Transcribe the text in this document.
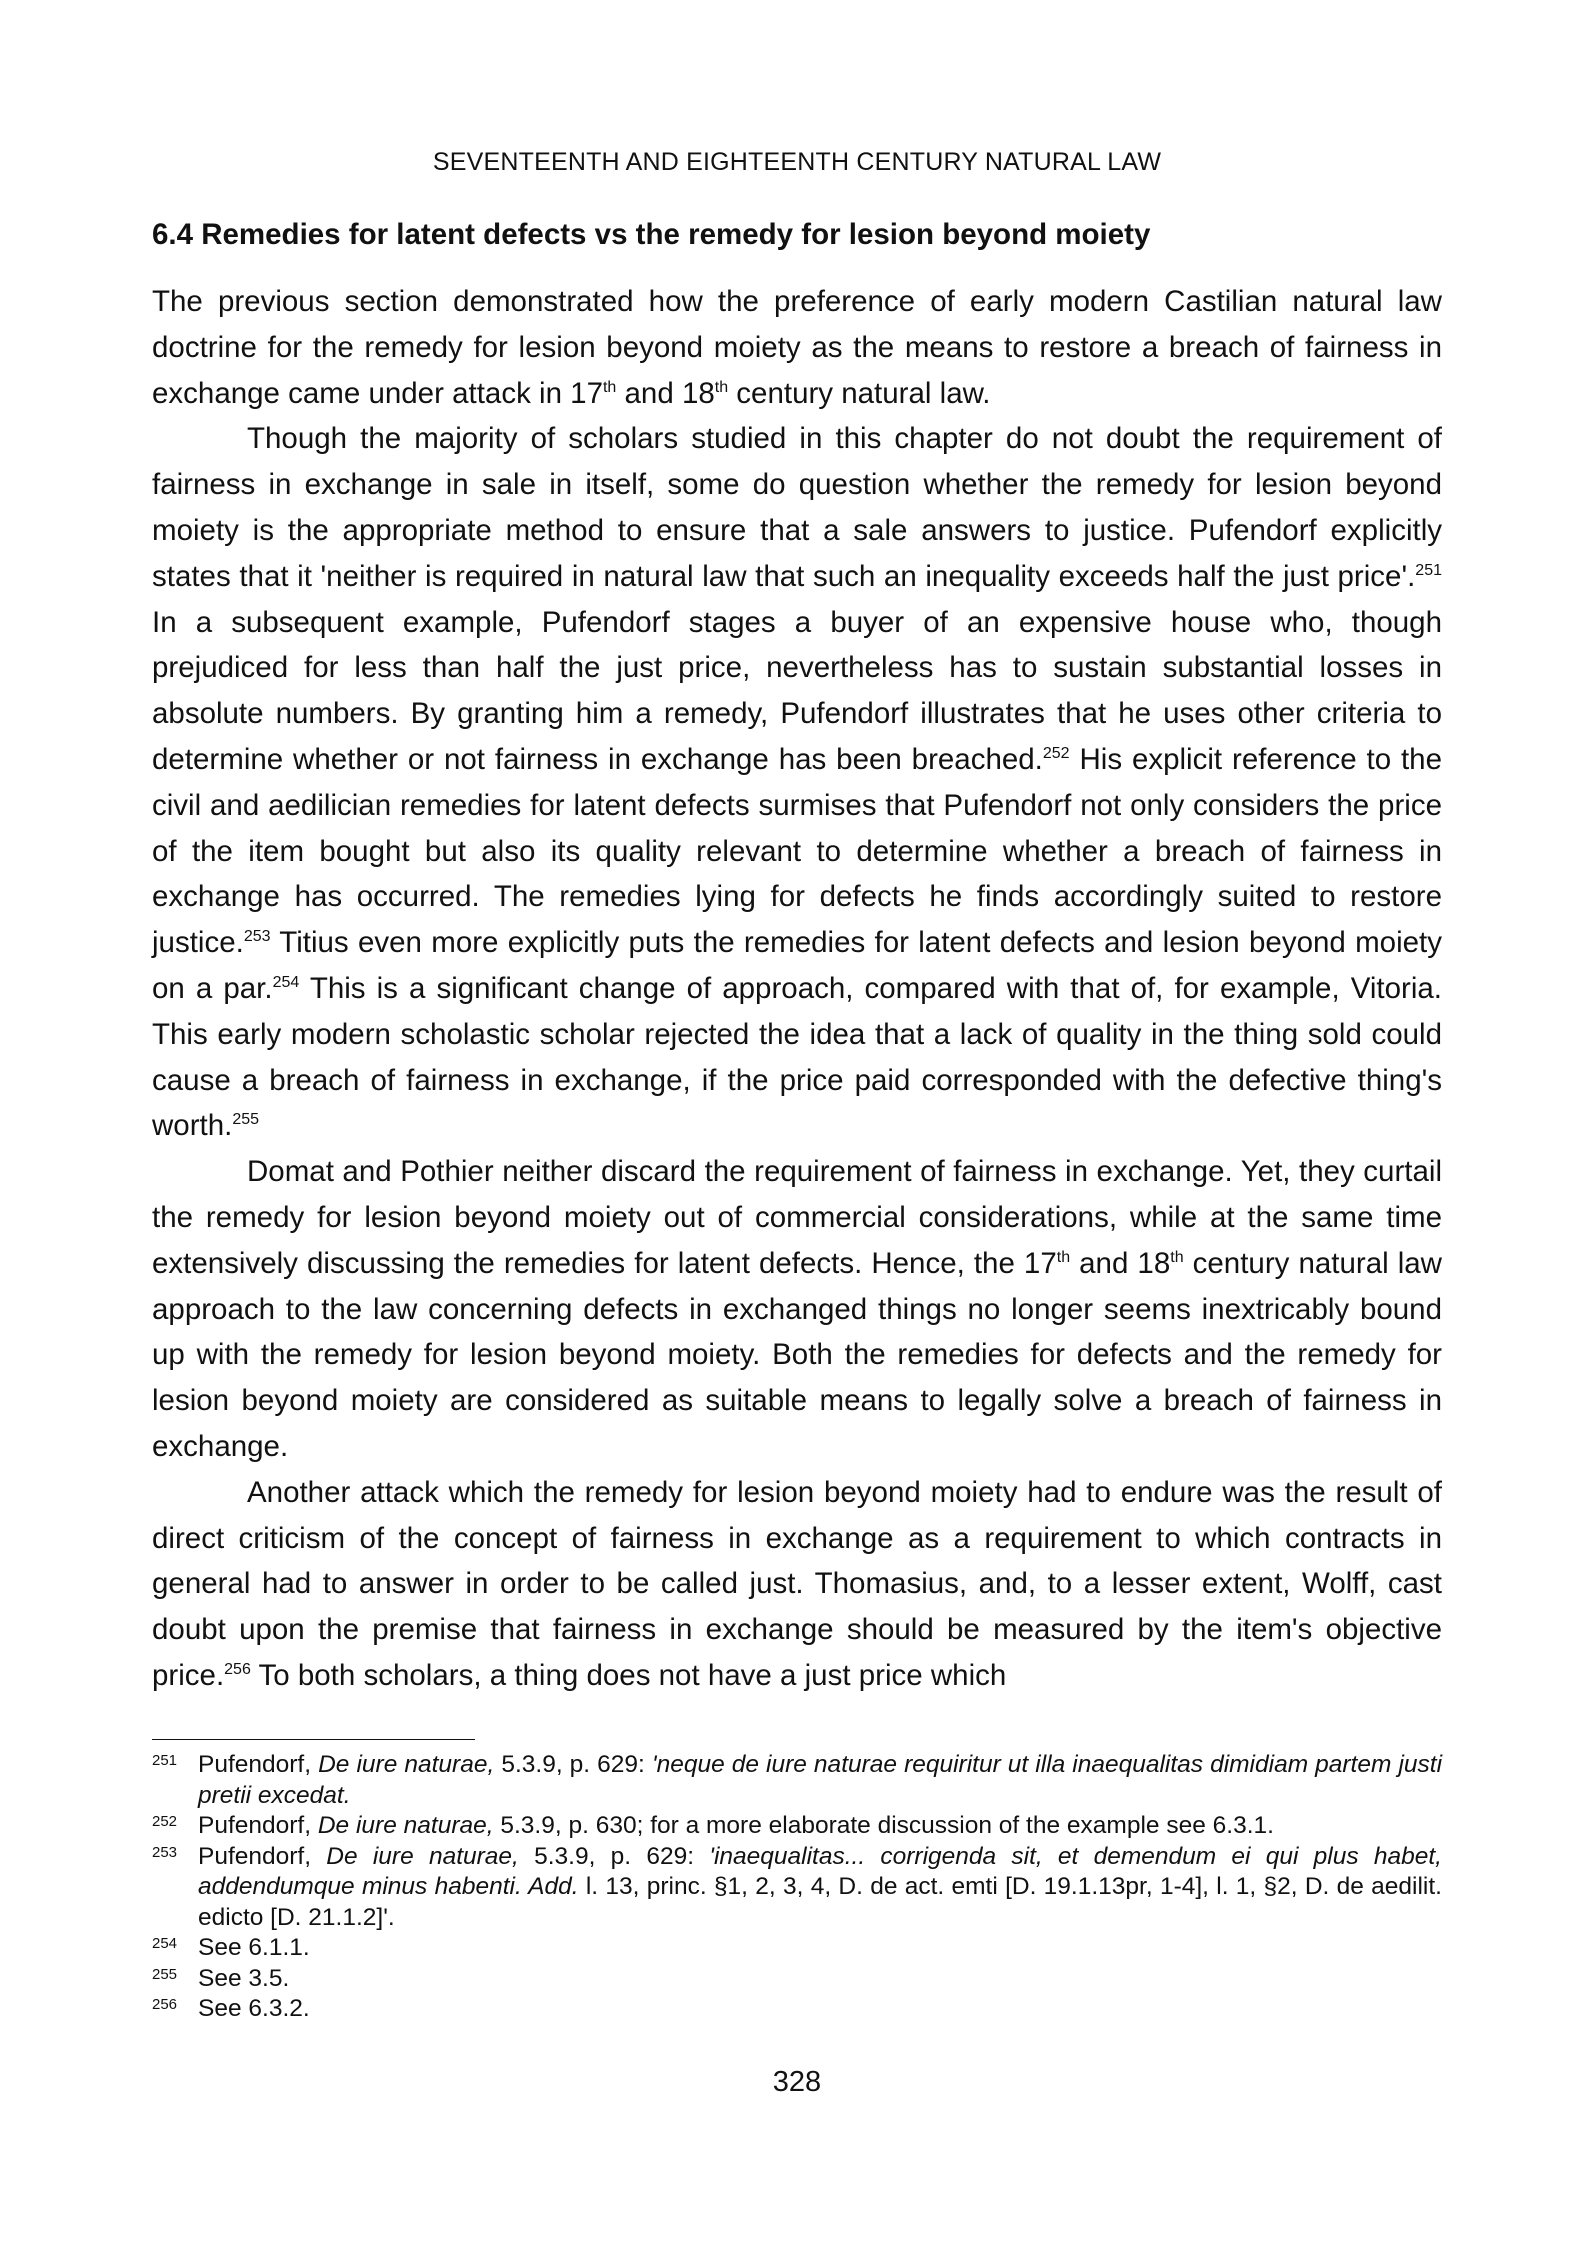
SEVENTEENTH AND EIGHTEENTH CENTURY NATURAL LAW
6.4 Remedies for latent defects vs the remedy for lesion beyond moiety

The previous section demonstrated how the preference of early modern Castilian natural law doctrine for the remedy for lesion beyond moiety as the means to restore a breach of fairness in exchange came under attack in 17th and 18th century natural law.

Though the majority of scholars studied in this chapter do not doubt the requirement of fairness in exchange in sale in itself, some do question whether the remedy for lesion beyond moiety is the appropriate method to ensure that a sale answers to justice. Pufendorf explicitly states that it 'neither is required in natural law that such an inequality exceeds half the just price'.$^{251}$ In a subsequent example, Pufendorf stages a buyer of an expensive house who, though prejudiced for less than half the just price, nevertheless has to sustain substantial losses in absolute numbers. By granting him a remedy, Pufendorf illustrates that he uses other criteria to determine whether or not fairness in exchange has been breached.$^{252}$ His explicit reference to the civil and aedilician remedies for latent defects surmises that Pufendorf not only considers the price of the item bought but also its quality relevant to determine whether a breach of fairness in exchange has occurred. The remedies lying for defects he finds accordingly suited to restore justice.$^{253}$ Titius even more explicitly puts the remedies for latent defects and lesion beyond moiety on a par.$^{254}$ This is a significant change of approach, compared with that of, for example, Vitoria. This early modern scholastic scholar rejected the idea that a lack of quality in the thing sold could cause a breach of fairness in exchange, if the price paid corresponded with the defective thing's worth.$^{255}$

Domat and Pothier neither discard the requirement of fairness in exchange. Yet, they curtail the remedy for lesion beyond moiety out of commercial considerations, while at the same time extensively discussing the remedies for latent defects. Hence, the 17th and 18th century natural law approach to the law concerning defects in exchanged things no longer seems inextricably bound up with the remedy for lesion beyond moiety. Both the remedies for defects and the remedy for lesion beyond moiety are considered as suitable means to legally solve a breach of fairness in exchange.

Another attack which the remedy for lesion beyond moiety had to endure was the result of direct criticism of the concept of fairness in exchange as a requirement to which contracts in general had to answer in order to be called just. Thomasius, and, to a lesser extent, Wolff, cast doubt upon the premise that fairness in exchange should be measured by the item's objective price.$^{256}$ To both scholars, a thing does not have a just price which

251 Pufendorf, De iure naturae, 5.3.9, p. 629: 'neque de iure naturae requiritur ut illa inaequalitas dimidiam partem justi pretii excedat.
252 Pufendorf, De iure naturae, 5.3.9, p. 630; for a more elaborate discussion of the example see 6.3.1.
253 Pufendorf, De iure naturae, 5.3.9, p. 629: 'inaequalitas... corrigenda sit, et demendum ei qui plus habet, addendumque minus habenti. Add. l. 13, princ. §1, 2, 3, 4, D. de act. emti [D. 19.1.13pr, 1-4], l. 1, §2, D. de aedilit. edicto [D. 21.1.2]'.
254 See 6.1.1.
255 See 3.5.
256 See 6.3.2.
328
